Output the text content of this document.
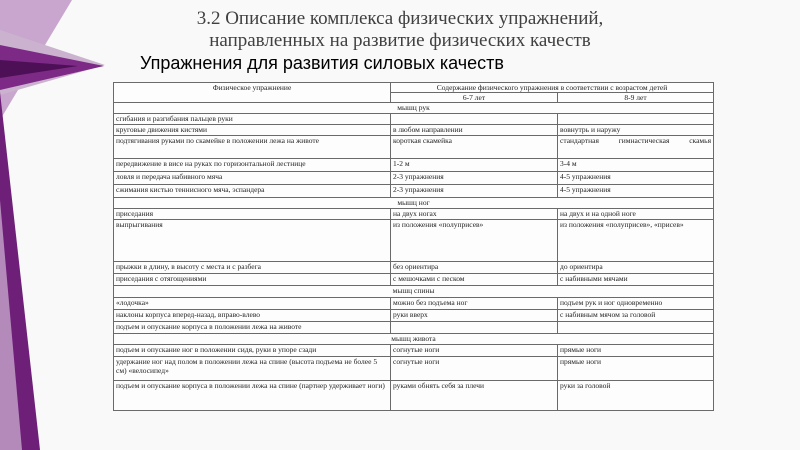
3.2 Описание комплекса физических упражнений, направленных на развитие физических качеств
Упражнения для развития силовых качеств
Физическое упражнение	Содержание физического упражнения в соответствии с возрастом детей	
	6-7 лет	8-9 лет
мышц рук		
сгибания и разгибания пальцев руки		
круговые движения кистями	в любом направлении	вовнутрь и наружу
подтягивания руками по скамейке в положении лежа на животе	короткая скамейка	стандартная гимнастическая скамья
передвижение в висе на руках по горизонтальной лестнице	1-2 м	3-4 м
ловля и передача набивного мяча	2-3 упражнения	4-5 упражнения
сжимания кистью теннисного мяча, эспандера	2-3 упражнения	4-5 упражнения
мышц ног		
приседания	на двух ногах	на двух и на одной ноге
выпрыгивания	из положения «полуприсев»	из положения «полуприсев», «присев»
прыжки в длину, в высоту с места и с разбега	без ориентира	до ориентира
приседания с отягощениями	с мешочками с песком	с набивными мячами
мышц спины		
«лодочка»	можно без подъема ног	подъем рук и ног одновременно
наклоны корпуса вперед-назад, вправо-влево	руки вверх	с набивным мячом за головой
подъем и опускание корпуса в положении лежа на животе		
мышц живота		
подъем и опускание ног в положении сидя, руки в упоре сзади	согнутые ноги	прямые ноги
удержание ног над полом в положении лежа на спине (высота подъема не более 5 см) «велосипед»	согнутые ноги	прямые ноги
подъем и опускание корпуса в положении лежа на спине (партнер удерживает ноги)	руками обнять себя за плечи	руки за головой
